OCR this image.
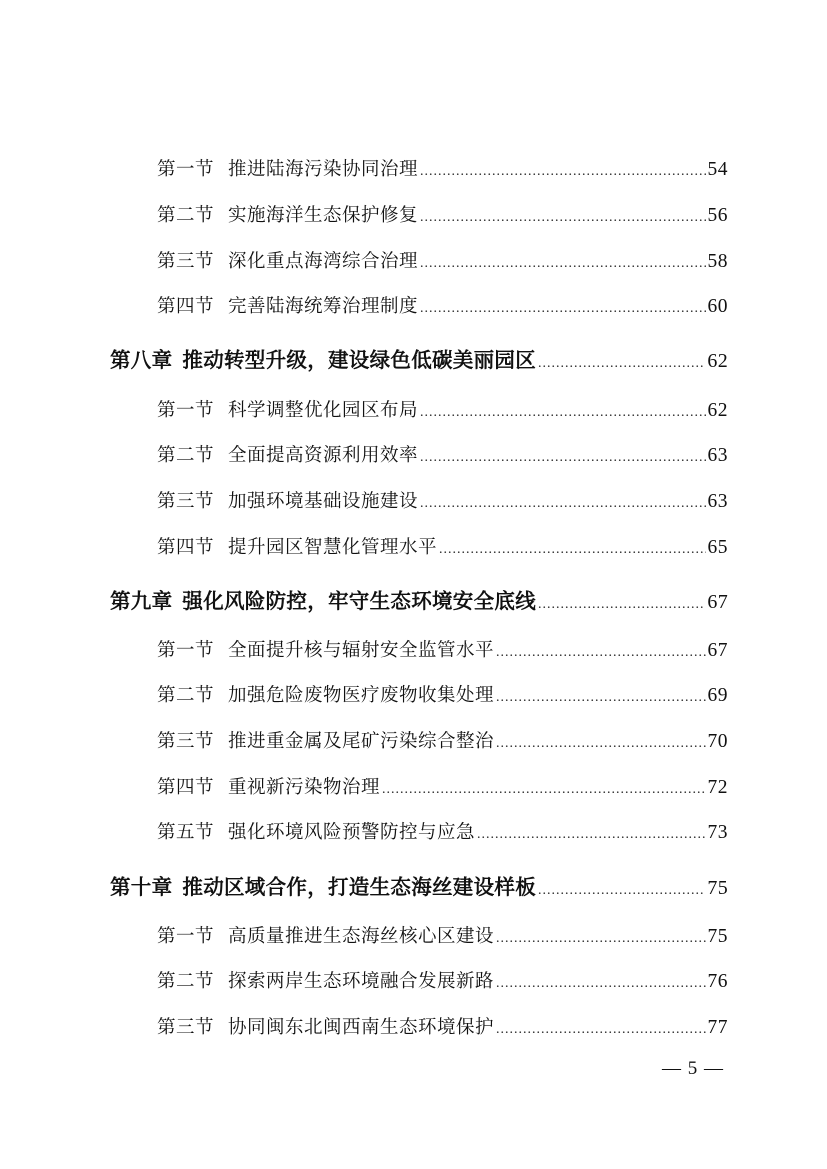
第一节 推进陆海污染协同治理 .....	54
第二节 实施海洋生态保护修复 .....	56
第三节 深化重点海湾综合治理 .....	58
第四节 完善陆海统筹治理制度 .....	60
第八章 推动转型升级，建设绿色低碳美丽园区 .....	62
第一节 科学调整优化园区布局 .....	62
第二节 全面提高资源利用效率 .....	63
第三节 加强环境基础设施建设 .....	63
第四节 提升园区智慧化管理水平 .....	65
第九章 强化风险防控，牢守生态环境安全底线 .....	67
第一节 全面提升核与辐射安全监管水平 .....	67
第二节 加强危险废物医疗废物收集处理 .....	69
第三节 推进重金属及尾矿污染综合整治 .....	70
第四节 重视新污染物治理 .....	72
第五节 强化环境风险预警防控与应急 .....	73
第十章 推动区域合作，打造生态海丝建设样板 .....	75
第一节 高质量推进生态海丝核心区建设 .....	75
第二节 探索两岸生态环境融合发展新路 .....	76
第三节 协同闽东北闽西南生态环境保护 .....	77
— 5 —
